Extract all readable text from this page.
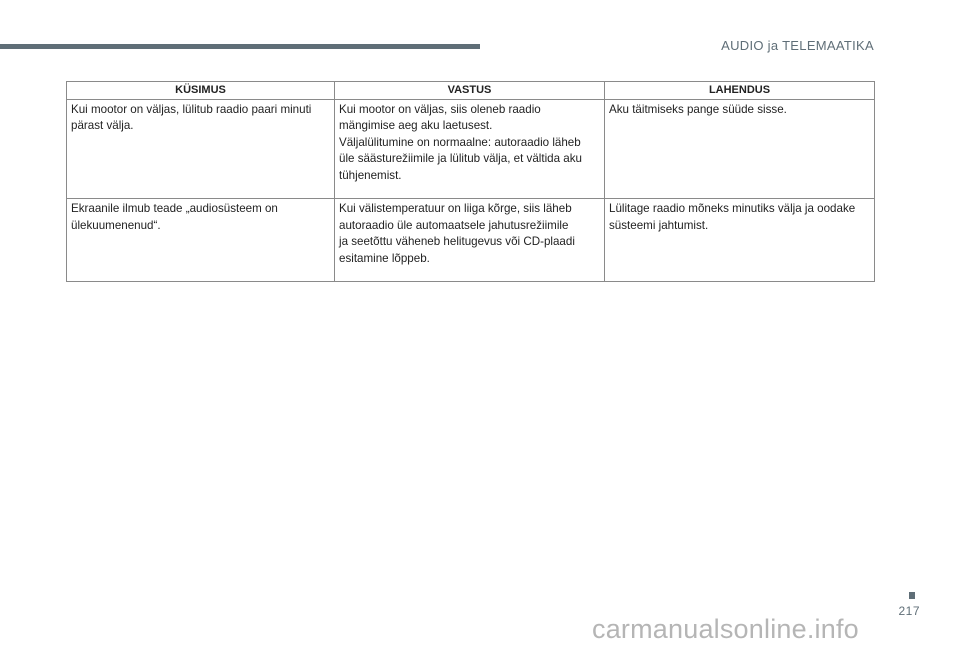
AUDIO ja TELEMAATIKA
KÜSIMUS	VASTUS	LAHENDUS

Kui mootor on väljas, lülitub raadio paari minuti
pärast välja.	Kui mootor on väljas, siis oleneb raadio
mängimise aeg aku laetusest.
Väljalülitumine on normaalne: autoraadio läheb
üle säästurežiimile ja lülitub välja, et vältida aku
tühjenemist.	Aku täitmiseks pange süüde sisse.

Ekraanile ilmub teade „audiosüsteem on
ülekuumenenud“.	Kui välistemperatuur on liiga kõrge, siis läheb
autoraadio üle automaatsele jahutusrežiimile
ja seetõttu väheneb helitugevus või CD-plaadi
esitamine lõppeb.	Lülitage raadio mõneks minutiks välja ja oodake
süsteemi jahtumist.
217
carmanualsonline.info
